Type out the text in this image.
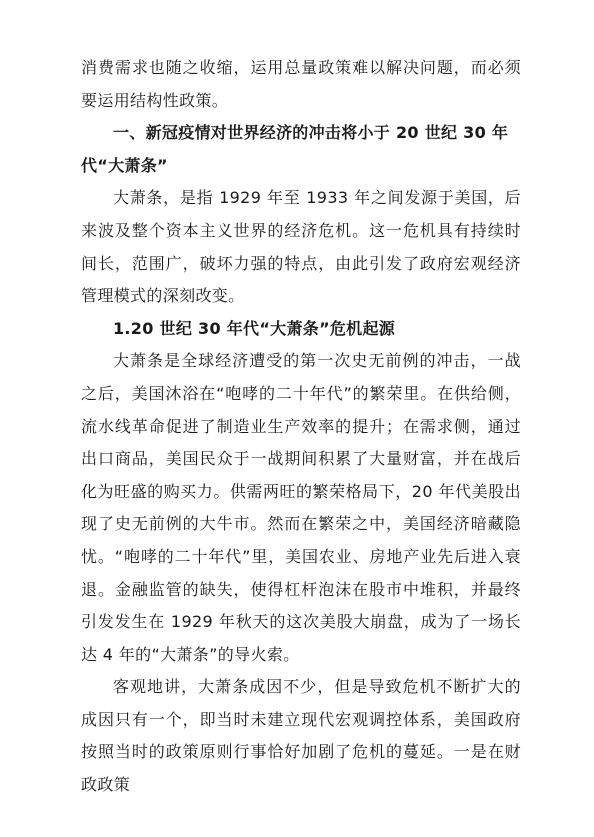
消费需求也随之收缩，运用总量政策难以解决问题，而必须要运用结构性政策。

一、新冠疫情对世界经济的冲击将小于 20 世纪 30 年代“大萧条”

大萧条，是指 1929 年至 1933 年之间发源于美国，后来波及整个资本主义世界的经济危机。这一危机具有持续时间长，范围广，破坏力强的特点，由此引发了政府宏观经济管理模式的深刻改变。

1.20 世纪 30 年代“大萧条”危机起源

大萧条是全球经济遭受的第一次史无前例的冲击，一战之后，美国沐浴在“咆哮的二十年代”的繁荣里。在供给侧，流水线革命促进了制造业生产效率的提升；在需求侧，通过出口商品，美国民众于一战期间积累了大量财富，并在战后化为旺盛的购买力。供需两旺的繁荣格局下，20 年代美股出现了史无前例的大牛市。然而在繁荣之中，美国经济暗藏隐忧。“咆哮的二十年代”里，美国农业、房地产业先后进入衰退。金融监管的缺失，使得杠杆泡沫在股市中堆积，并最终引发发生在 1929 年秋天的这次美股大崩盘，成为了一场长达 4 年的“大萧条”的导火索。

客观地讲，大萧条成因不少，但是导致危机不断扩大的成因只有一个，即当时未建立现代宏观调控体系，美国政府按照当时的政策原则行事恰好加剧了危机的蔓延。一是在财政政策
